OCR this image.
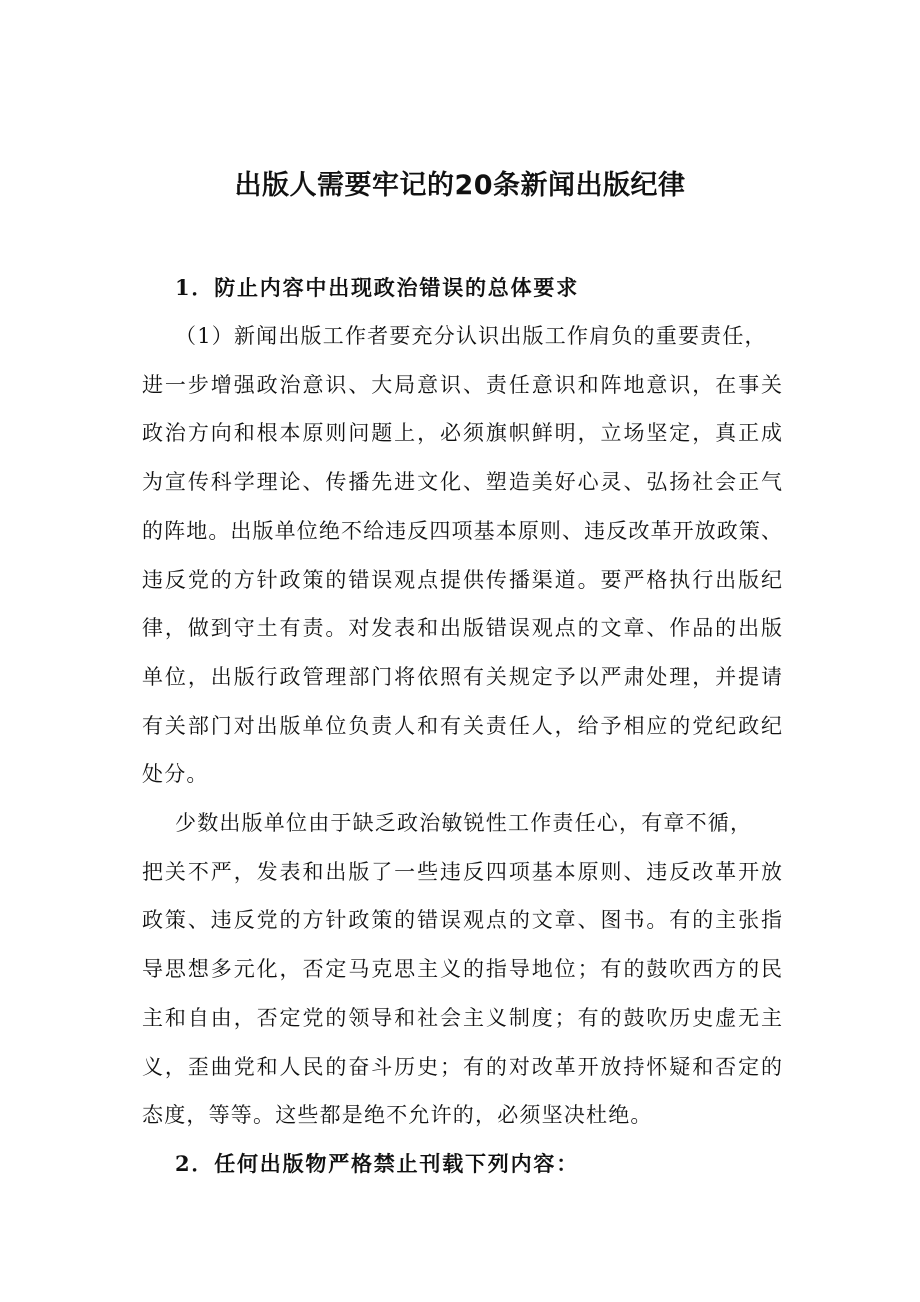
出版人需要牢记的20条新闻出版纪律

1．防止内容中出现政治错误的总体要求

（1）新闻出版工作者要充分认识出版工作肩负的重要责任，
进一步增强政治意识、大局意识、责任意识和阵地意识，在事关
政治方向和根本原则问题上，必须旗帜鲜明，立场坚定，真正成
为宣传科学理论、传播先进文化、塑造美好心灵、弘扬社会正气
的阵地。出版单位绝不给违反四项基本原则、违反改革开放政策、
违反党的方针政策的错误观点提供传播渠道。要严格执行出版纪
律，做到守土有责。对发表和出版错误观点的文章、作品的出版
单位，出版行政管理部门将依照有关规定予以严肃处理，并提请
有关部门对出版单位负责人和有关责任人，给予相应的党纪政纪
处分。

少数出版单位由于缺乏政治敏锐性工作责任心，有章不循，
把关不严，发表和出版了一些违反四项基本原则、违反改革开放
政策、违反党的方针政策的错误观点的文章、图书。有的主张指
导思想多元化，否定马克思主义的指导地位；有的鼓吹西方的民
主和自由，否定党的领导和社会主义制度；有的鼓吹历史虚无主
义，歪曲党和人民的奋斗历史；有的对改革开放持怀疑和否定的
态度，等等。这些都是绝不允许的，必须坚决杜绝。

2．任何出版物严格禁止刊载下列内容：
